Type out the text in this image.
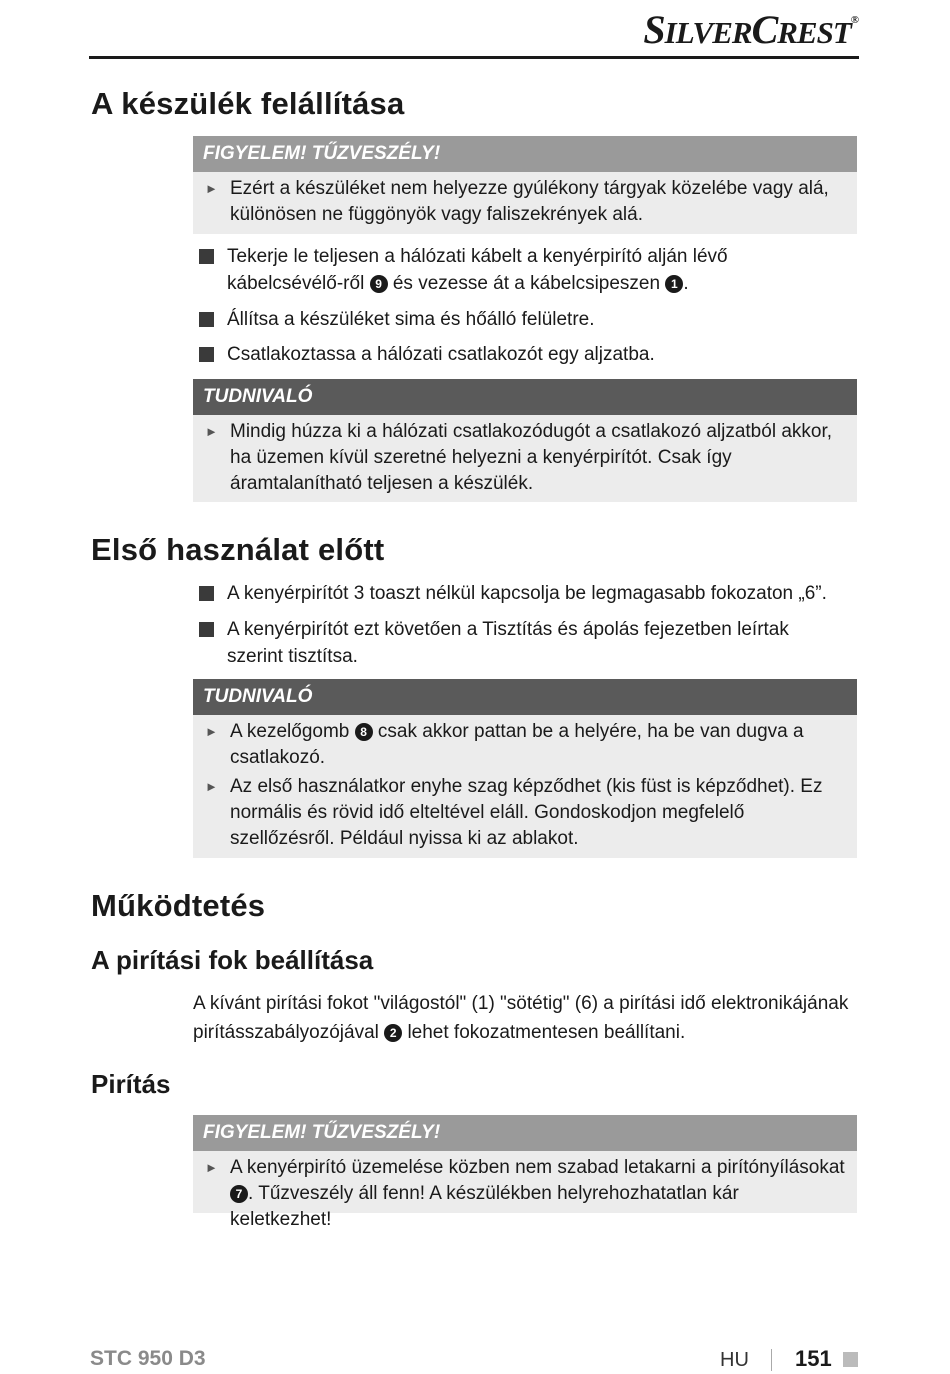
SILVERCREST®
A készülék felállítása
FIGYELEM! TŰZVESZÉLY!
► Ezért a készüléket nem helyezze gyúlékony tárgyak közelébe vagy alá, különösen ne függönyök vagy faliszekrények alá.
Tekerje le teljesen a hálózati kábelt a kenyérpirító alján lévő kábelcsévélő-ről 9 és vezesse át a kábelcsipeszen 1 .
Állítsa a készüléket sima és hőálló felületre.
Csatlakoztassa a hálózati csatlakozót egy aljzatba.
TUDNIVALÓ
► Mindig húzza ki a hálózati csatlakozódugót a csatlakozó aljzatból akkor, ha üzemen kívül szeretné helyezni a kenyérpirítót. Csak így áramtalanítható teljesen a készülék.
Első használat előtt
A kenyérpirítót 3 toaszt nélkül kapcsolja be legmagasabb fokozaton „6”.
A kenyérpirítót ezt követően a Tisztítás és ápolás fejezetben leírtak szerint tisztítsa.
TUDNIVALÓ
► A kezelőgomb 8 csak akkor pattan be a helyére, ha be van dugva a csatlakozó.
► Az első használatkor enyhe szag képződhet (kis füst is képződhet). Ez normális és rövid idő elteltével eláll. Gondoskodjon megfelelő szellőzésről. Például nyissa ki az ablakot.
Működtetés
A pirítási fok beállítása
A kívánt pirítási fokot "világostól" (1) "sötétig" (6) a pirítási idő elektronikájának pirításszabályozójával 2 lehet fokozatmentesen beállítani.
Pirítás
FIGYELEM! TŰZVESZÉLY!
► A kenyérpirító üzemelése közben nem szabad letakarni a pirítónyílásokat 7 . Tűzveszély áll fenn! A készülékben helyrehozhatatlan kár keletkezhet!
STC 950 D3	HU 151
